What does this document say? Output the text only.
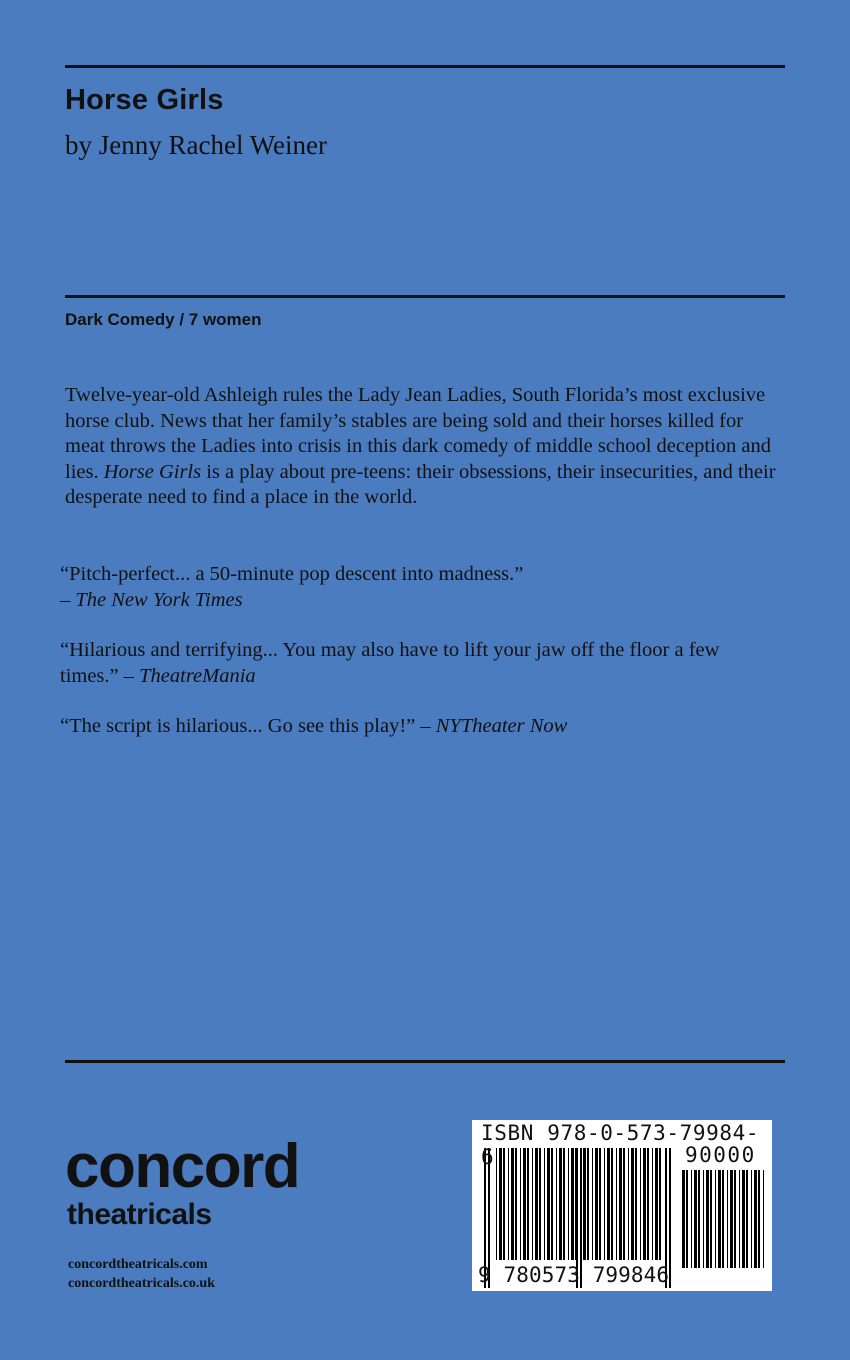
Horse Girls
by Jenny Rachel Weiner
Dark Comedy / 7 women
Twelve-year-old Ashleigh rules the Lady Jean Ladies, South Florida’s most exclusive horse club. News that her family’s stables are being sold and their horses killed for meat throws the Ladies into crisis in this dark comedy of middle school deception and lies. Horse Girls is a play about pre-teens: their obsessions, their insecurities, and their desperate need to find a place in the world.
“Pitch-perfect... a 50-minute pop descent into madness.”
– The New York Times
“Hilarious and terrifying... You may also have to lift your jaw off the floor a few times.” – TheatreMania
“The script is hilarious... Go see this play!” – NYTheater Now
concord
theatricals
concordtheatricals.com
concordtheatricals.co.uk
ISBN 978-0-573-79984-6	90000
9 780573 799846
